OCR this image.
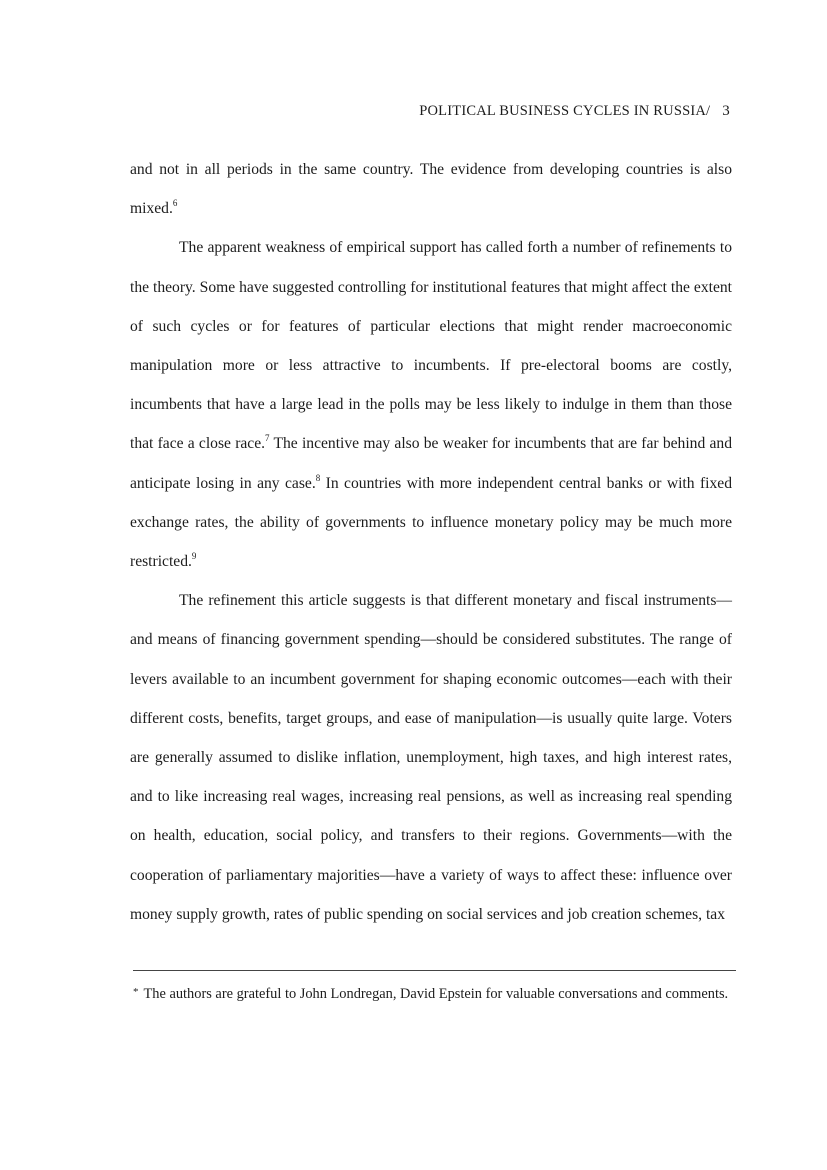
POLITICAL BUSINESS CYCLES IN RUSSIA/ 3

and not in all periods in the same country. The evidence from developing countries is also mixed.$^6$

The apparent weakness of empirical support has called forth a number of refinements to the theory. Some have suggested controlling for institutional features that might affect the extent of such cycles or for features of particular elections that might render macroeconomic manipulation more or less attractive to incumbents. If pre-electoral booms are costly, incumbents that have a large lead in the polls may be less likely to indulge in them than those that face a close race.$^7$ The incentive may also be weaker for incumbents that are far behind and anticipate losing in any case.$^8$ In countries with more independent central banks or with fixed exchange rates, the ability of governments to influence monetary policy may be much more restricted.$^9$

The refinement this article suggests is that different monetary and fiscal instruments—and means of financing government spending—should be considered substitutes. The range of levers available to an incumbent government for shaping economic outcomes—each with their different costs, benefits, target groups, and ease of manipulation—is usually quite large. Voters are generally assumed to dislike inflation, unemployment, high taxes, and high interest rates, and to like increasing real wages, increasing real pensions, as well as increasing real spending on health, education, social policy, and transfers to their regions. Governments—with the cooperation of parliamentary majorities—have a variety of ways to affect these: influence over money supply growth, rates of public spending on social services and job creation schemes, tax

* The authors are grateful to John Londregan, David Epstein for valuable conversations and comments.
